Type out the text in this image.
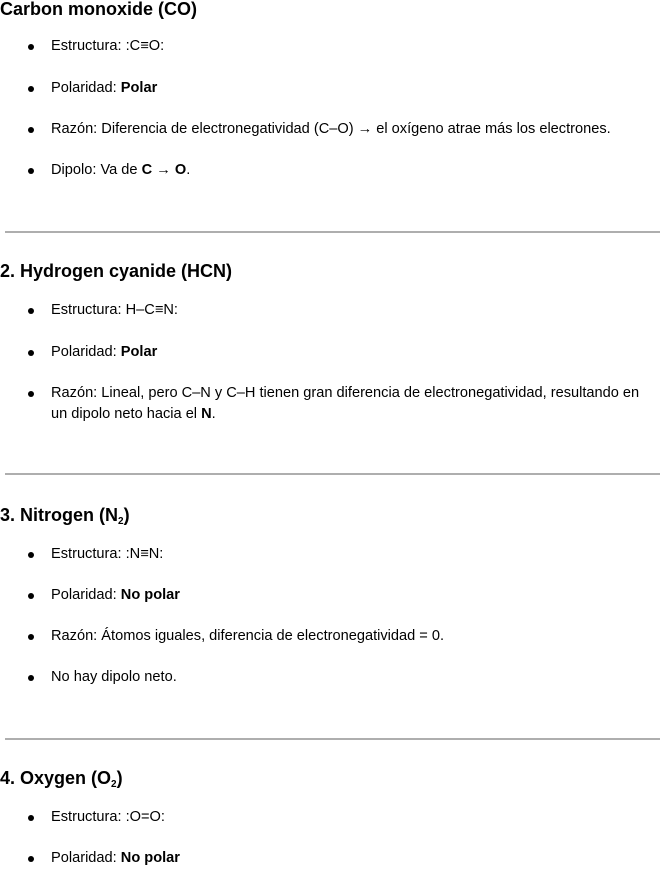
Carbon monoxide (CO)
Estructura: :C≡O:
Polaridad: Polar
Razón: Diferencia de electronegatividad (C–O) → el oxígeno atrae más los electrones.
Dipolo: Va de C → O.
2. Hydrogen cyanide (HCN)
Estructura: H–C≡N:
Polaridad: Polar
Razón: Lineal, pero C–N y C–H tienen gran diferencia de electronegatividad, resultando en un dipolo neto hacia el N.
3. Nitrogen (N2)
Estructura: :N≡N:
Polaridad: No polar
Razón: Átomos iguales, diferencia de electronegatividad = 0.
No hay dipolo neto.
4. Oxygen (O2)
Estructura: :O=O:
Polaridad: No polar
